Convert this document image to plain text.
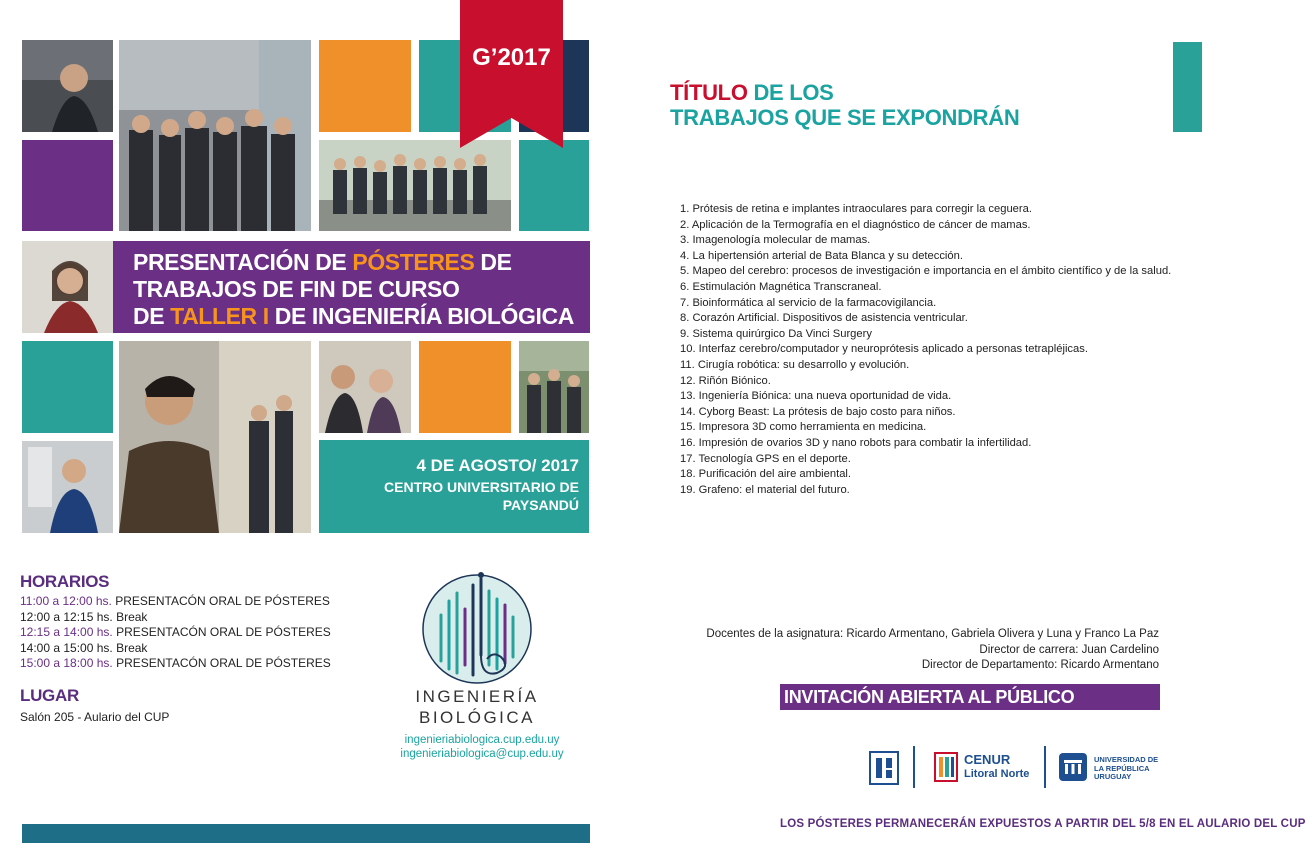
PRESENTACIÓN DE PÓSTERES DE
TRABAJOS DE FIN DE CURSO
DE TALLER I DE INGENIERÍA BIOLÓGICA
4 DE AGOSTO/ 2017
CENTRO UNIVERSITARIO DE
PAYSANDÚ
G’2017
HORARIOS
11:00 a 12:00 hs. PRESENTACÓN ORAL DE PÓSTERES
12:00 a 12:15 hs. Break
12:15 a 14:00 hs. PRESENTACÓN ORAL DE PÓSTERES
14:00 a 15:00 hs. Break
15:00 a 18:00 hs. PRESENTACÓN ORAL DE PÓSTERES
LUGAR
Salón 205 - Aulario del CUP
INGENIERÍA
BIOLÓGICA
ingenieriabiologica.cup.edu.uy
ingenieriabiologica@cup.edu.uy
TÍTULO DE LOS
TRABAJOS QUE SE EXPONDRÁN
1. Prótesis de retina e implantes intraoculares para corregir la ceguera.
2. Aplicación de la Termografía en el diagnóstico de cáncer de mamas.
3. Imagenología molecular de mamas.
4. La hipertensión arterial de Bata Blanca y su detección.
5. Mapeo del cerebro: procesos de investigación e importancia en el ámbito científico y de la salud.
6. Estimulación Magnética Transcraneal.
7. Bioinformática al servicio de la farmacovigilancia.
8. Corazón Artificial. Dispositivos de asistencia ventricular.
9. Sistema quirúrgico Da Vinci Surgery
10. Interfaz cerebro/computador y neuroprótesis aplicado a personas tetrapléjicas.
11. Cirugía robótica: su desarrollo y evolución.
12. Riñón Biónico.
13. Ingeniería Biónica: una nueva oportunidad de vida.
14. Cyborg Beast: La prótesis de bajo costo para niños.
15. Impresora 3D como herramienta en medicina.
16. Impresión de ovarios 3D y nano robots para combatir la infertilidad.
17. Tecnología GPS en el deporte.
18. Purificación del aire ambiental.
19. Grafeno: el material del futuro.
Docentes de la asignatura: Ricardo Armentano, Gabriela Olivera y Luna y Franco La Paz
Director de carrera: Juan Cardelino
Director de Departamento: Ricardo Armentano
INVITACIÓN ABIERTA AL PÚBLICO
CENUR
Litoral Norte
UNIVERSIDAD DE LA REPÚBLICA URUGUAY
LOS PÓSTERES PERMANECERÁN EXPUESTOS A PARTIR DEL 5/8 EN EL AULARIO DEL CUP
